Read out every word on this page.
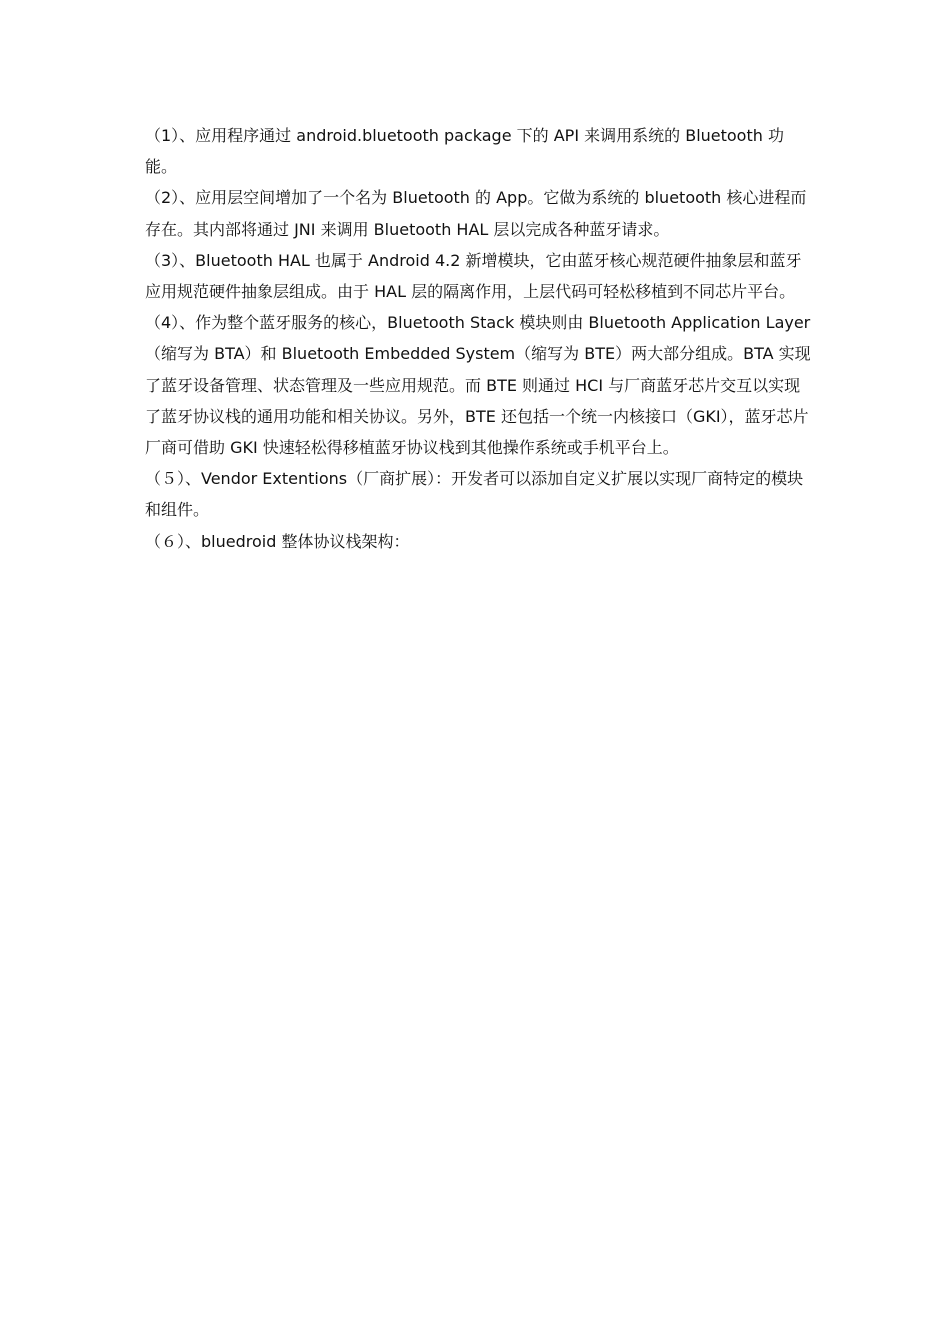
（1）、应用程序通过 android.bluetooth package 下的 API 来调用系统的 Bluetooth 功能。

（2）、应用层空间增加了一个名为 Bluetooth 的 App。它做为系统的 bluetooth 核心进程而存在。其内部将通过 JNI 来调用 Bluetooth HAL 层以完成各种蓝牙请求。

（3）、Bluetooth HAL 也属于 Android 4.2 新增模块，它由蓝牙核心规范硬件抽象层和蓝牙应用规范硬件抽象层组成。由于 HAL 层的隔离作用，上层代码可轻松移植到不同芯片平台。

（4）、作为整个蓝牙服务的核心，Bluetooth Stack 模块则由 Bluetooth Application Layer（缩写为 BTA）和 Bluetooth Embedded System（缩写为 BTE）两大部分组成。BTA 实现了蓝牙设备管理、状态管理及一些应用规范。而 BTE 则通过 HCI 与厂商蓝牙芯片交互以实现了蓝牙协议栈的通用功能和相关协议。另外，BTE 还包括一个统一内核接口（GKI），蓝牙芯片厂商可借助 GKI 快速轻松得移植蓝牙协议栈到其他操作系统或手机平台上。

（５）、Vendor Extentions（厂商扩展）：开发者可以添加自定义扩展以实现厂商特定的模块和组件。

（６）、bluedroid 整体协议栈架构：
